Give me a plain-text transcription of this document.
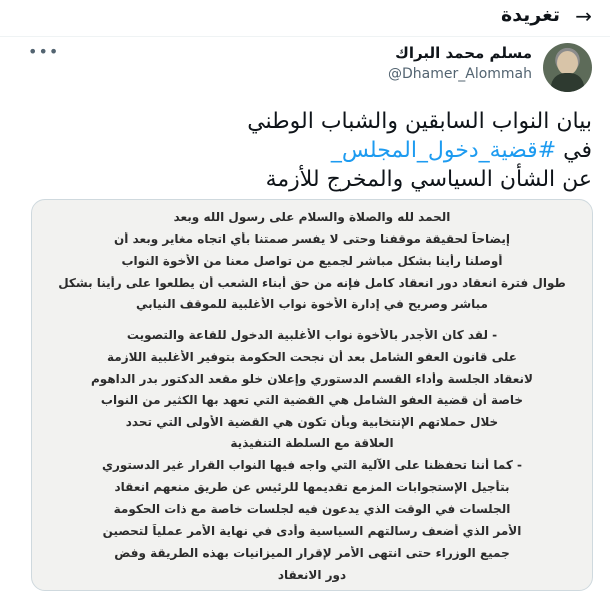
→
تغريدة
مسلم محمد البراك
@Dhamer_Alommah
•••
بيان النواب السابقين والشباب الوطني
في #قضية_دخول_المجلس_
عن الشأن السياسي والمخرج للأزمة
الحمد لله والصلاة والسلام على رسول الله وبعد
إيضاحاً لحقيقة موقفنا وحتى لا يفسر صمتنا بأي اتجاه مغاير وبعد أن
أوصلنا رأينا بشكل مباشر لجميع من تواصل معنا من الأخوة النواب
طوال فترة انعقاد دور انعقاد كامل فإنه من حق أبناء الشعب أن يطلعوا على رأينا بشكل
مباشر وصريح في إدارة الأخوة نواب الأغلبية للموقف النيابي
- لقد كان الأجدر بالأخوة نواب الأغلبية الدخول للقاعة والتصويت
على قانون العفو الشامل بعد أن نجحت الحكومة بتوفير الأغلبية اللازمة
لانعقاد الجلسة وأداء القسم الدستوري وإعلان خلو مقعد الدكتور بدر الداهوم
خاصة أن قضية العفو الشامل هي القضية التي تعهد بها الكثير من النواب
خلال حملاتهم الإنتخابية وبأن تكون هي القضية الأولى التي تحدد
العلاقة مع السلطة التنفيذية
- كما أننا تحفظنا على الآلية التي واجه فيها النواب القرار غير الدستوري
بتأجيل الإستجوابات المزمع تقديمها للرئيس عن طريق منعهم انعقاد
الجلسات في الوقت الذي يدعون فيه لجلسات خاصة مع ذات الحكومة
الأمر الذي أضعف رسالتهم السياسية وأدى في نهاية الأمر عملياً لتحصين
جميع الوزراء حتى انتهى الأمر لإقرار الميزانيات بهذه الطريقة وفض
دور الانعقاد
